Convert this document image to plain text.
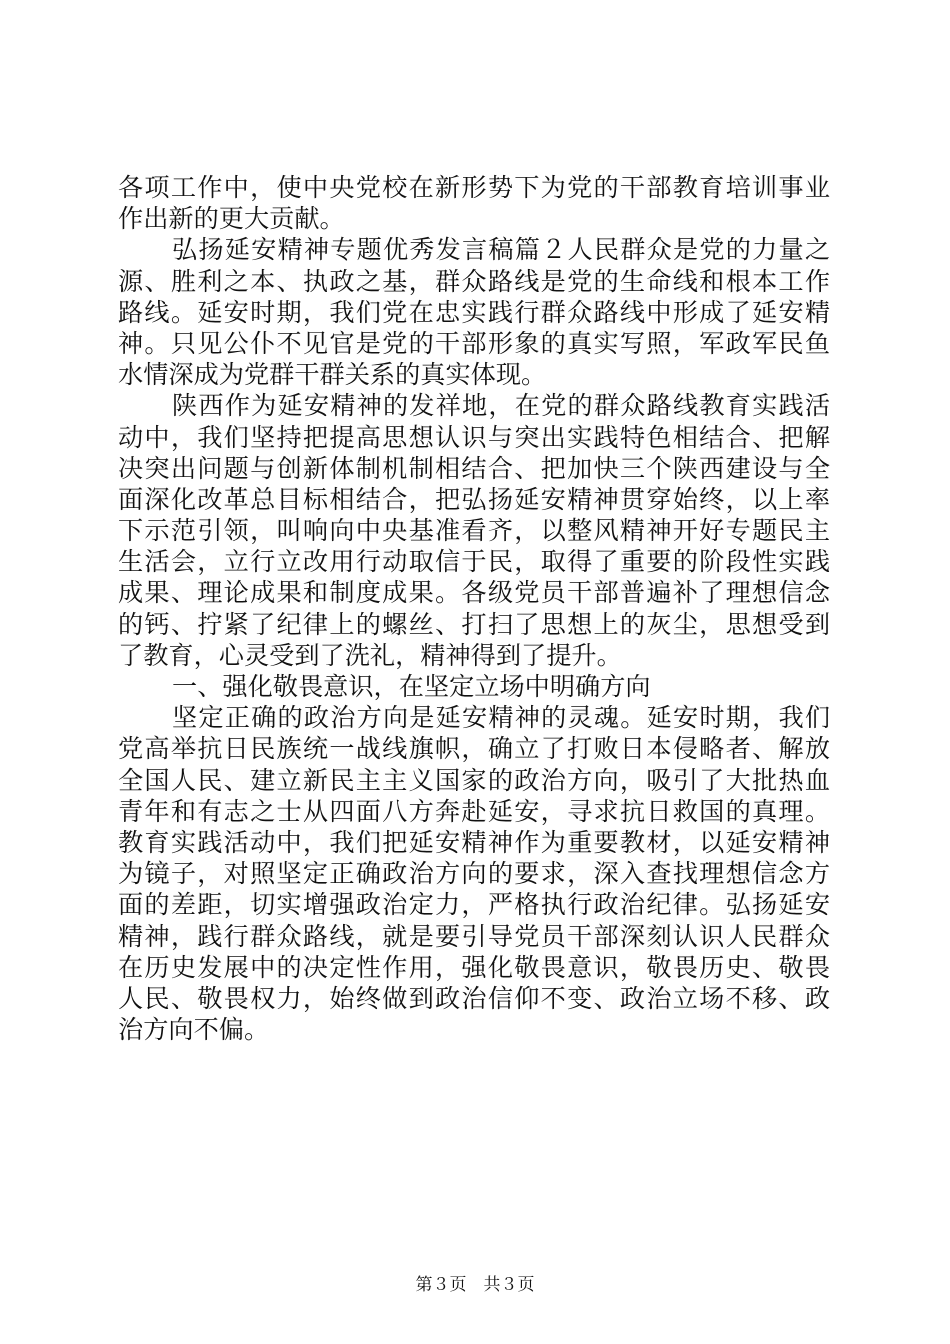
各项工作中，使中央党校在新形势下为党的干部教育培训事业
作出新的更大贡献。
弘扬延安精神专题优秀发言稿篇２人民群众是党的力量之
源、胜利之本、执政之基，群众路线是党的生命线和根本工作
路线。延安时期，我们党在忠实践行群众路线中形成了延安精
神。只见公仆不见官是党的干部形象的真实写照，军政军民鱼
水情深成为党群干群关系的真实体现。
陕西作为延安精神的发祥地，在党的群众路线教育实践活
动中，我们坚持把提高思想认识与突出实践特色相结合、把解
决突出问题与创新体制机制相结合、把加快三个陕西建设与全
面深化改革总目标相结合，把弘扬延安精神贯穿始终，以上率
下示范引领，叫响向中央基准看齐，以整风精神开好专题民主
生活会，立行立改用行动取信于民，取得了重要的阶段性实践
成果、理论成果和制度成果。各级党员干部普遍补了理想信念
的钙、拧紧了纪律上的螺丝、打扫了思想上的灰尘，思想受到
了教育，心灵受到了洗礼，精神得到了提升。
一、强化敬畏意识，在坚定立场中明确方向
坚定正确的政治方向是延安精神的灵魂。延安时期，我们
党高举抗日民族统一战线旗帜，确立了打败日本侵略者、解放
全国人民、建立新民主主义国家的政治方向，吸引了大批热血
青年和有志之士从四面八方奔赴延安，寻求抗日救国的真理。
教育实践活动中，我们把延安精神作为重要教材，以延安精神
为镜子，对照坚定正确政治方向的要求，深入查找理想信念方
面的差距，切实增强政治定力，严格执行政治纪律。弘扬延安
精神，践行群众路线，就是要引导党员干部深刻认识人民群众
在历史发展中的决定性作用，强化敬畏意识，敬畏历史、敬畏
人民、敬畏权力，始终做到政治信仰不变、政治立场不移、政
治方向不偏。
第３页　共３页
